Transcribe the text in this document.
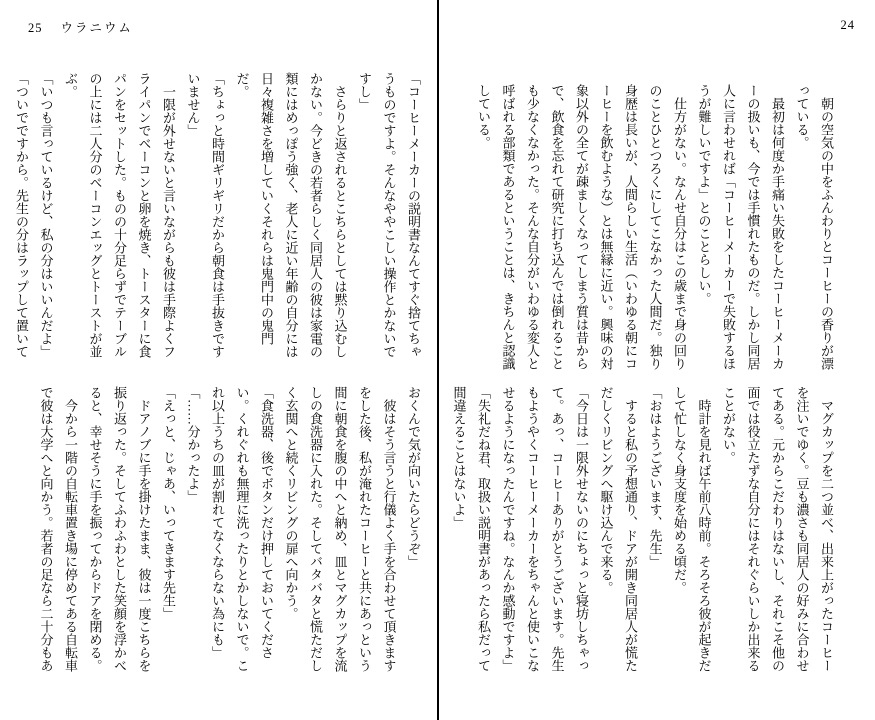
25 ウラニウム
「コーヒーメーカーの説明書なんてすぐ捨てちゃうものですよ。そんなややこしい操作とかないですし」
　さらりと返されるとこちらとしては黙り込むしかない。今どきの若者らしく同居人の彼は家電の類にはめっぽう強く、老人に近い年齢の自分には日々複雑さを増していくそれらは鬼門中の鬼門だ。
「ちょっと時間ギリギリだから朝食は手抜きですいません」
　一限が外せないと言いながらも彼は手際よくフライパンでベーコンと卵を焼き、トースターに食パンをセットした。ものの十分足らずでテーブルの上には二人分のベーコンエッグとトーストが並ぶ。
「いつも言っているけど、私の分はいいんだよ」
「ついでですから。先生の分はラップして置いて
おくんで気が向いたらどうぞ」
　彼はそう言うと行儀よく手を合わせて頂きますをした後、私が淹れたコーヒーと共にあっという間に朝食を腹の中へと納め、皿とマグカップを流しの食洗器に入れた。そしてバタバタと慌ただしく玄関へと続くリビングの扉へ向かう。
「食洗器、後でボタンだけ押しておいてください。くれぐれも無理に洗ったりとかしないで。これ以上うちの皿が割れてなくならない為にも」
「……分かったよ」
「えっと、じゃあ、いってきます先生」
　ドアノブに手を掛けたまま、彼は一度こちらを振り返った。そしてふわふわとした笑顔を浮かべると、幸せそうに手を振ってからドアを閉める。
　今から一階の自転車置き場に停めてある自転車で彼は大学へと向かう。若者の足なら二十分もあ
24
　朝の空気の中をふんわりとコーヒーの香りが漂っている。
　最初は何度か手痛い失敗をしたコーヒーメーカーの扱いも、今では手慣れたものだ。しかし同居人に言わせれば「コーヒーメーカーで失敗するほうが難しいですよ」とのことらしい。
　仕方がない。なんせ自分はこの歳まで身の回りのことひとつろくにしてこなかった人間だ。独り身歴は長いが、人間らしい生活（いわゆる朝にコーヒーを飲むような）とは無縁に近い。興味の対象以外の全てが疎ましくなってしまう質は昔からで、飲食を忘れて研究に打ち込んでは倒れることも少なくなかった。そんな自分がいわゆる変人と呼ばれる部類であるということは、きちんと認識している。
　マグカップを二つ並べ、出来上がったコーヒーを注いでゆく。豆も濃さも同居人の好みに合わせてある。元からこだわりはないし、それこそ他の面では役立たずな自分にはそれぐらいしか出来ることがない。
　時計を見れば午前八時前。そろそろ彼が起きだして忙しなく身支度を始める頃だ。
「おはようございます、先生」
　すると私の予想通り、ドアが開き同居人が慌ただしくリビングへ駆け込んで来る。
「今日は一限外せないのにちょっと寝坊しちゃって。あっ、コーヒーありがとうございます。先生もようやくコーヒーメーカーをちゃんと使いこなせるようになったんですね。なんか感動ですよ」
「失礼だね君、取扱い説明書があったら私だって間違えることはないよ」
